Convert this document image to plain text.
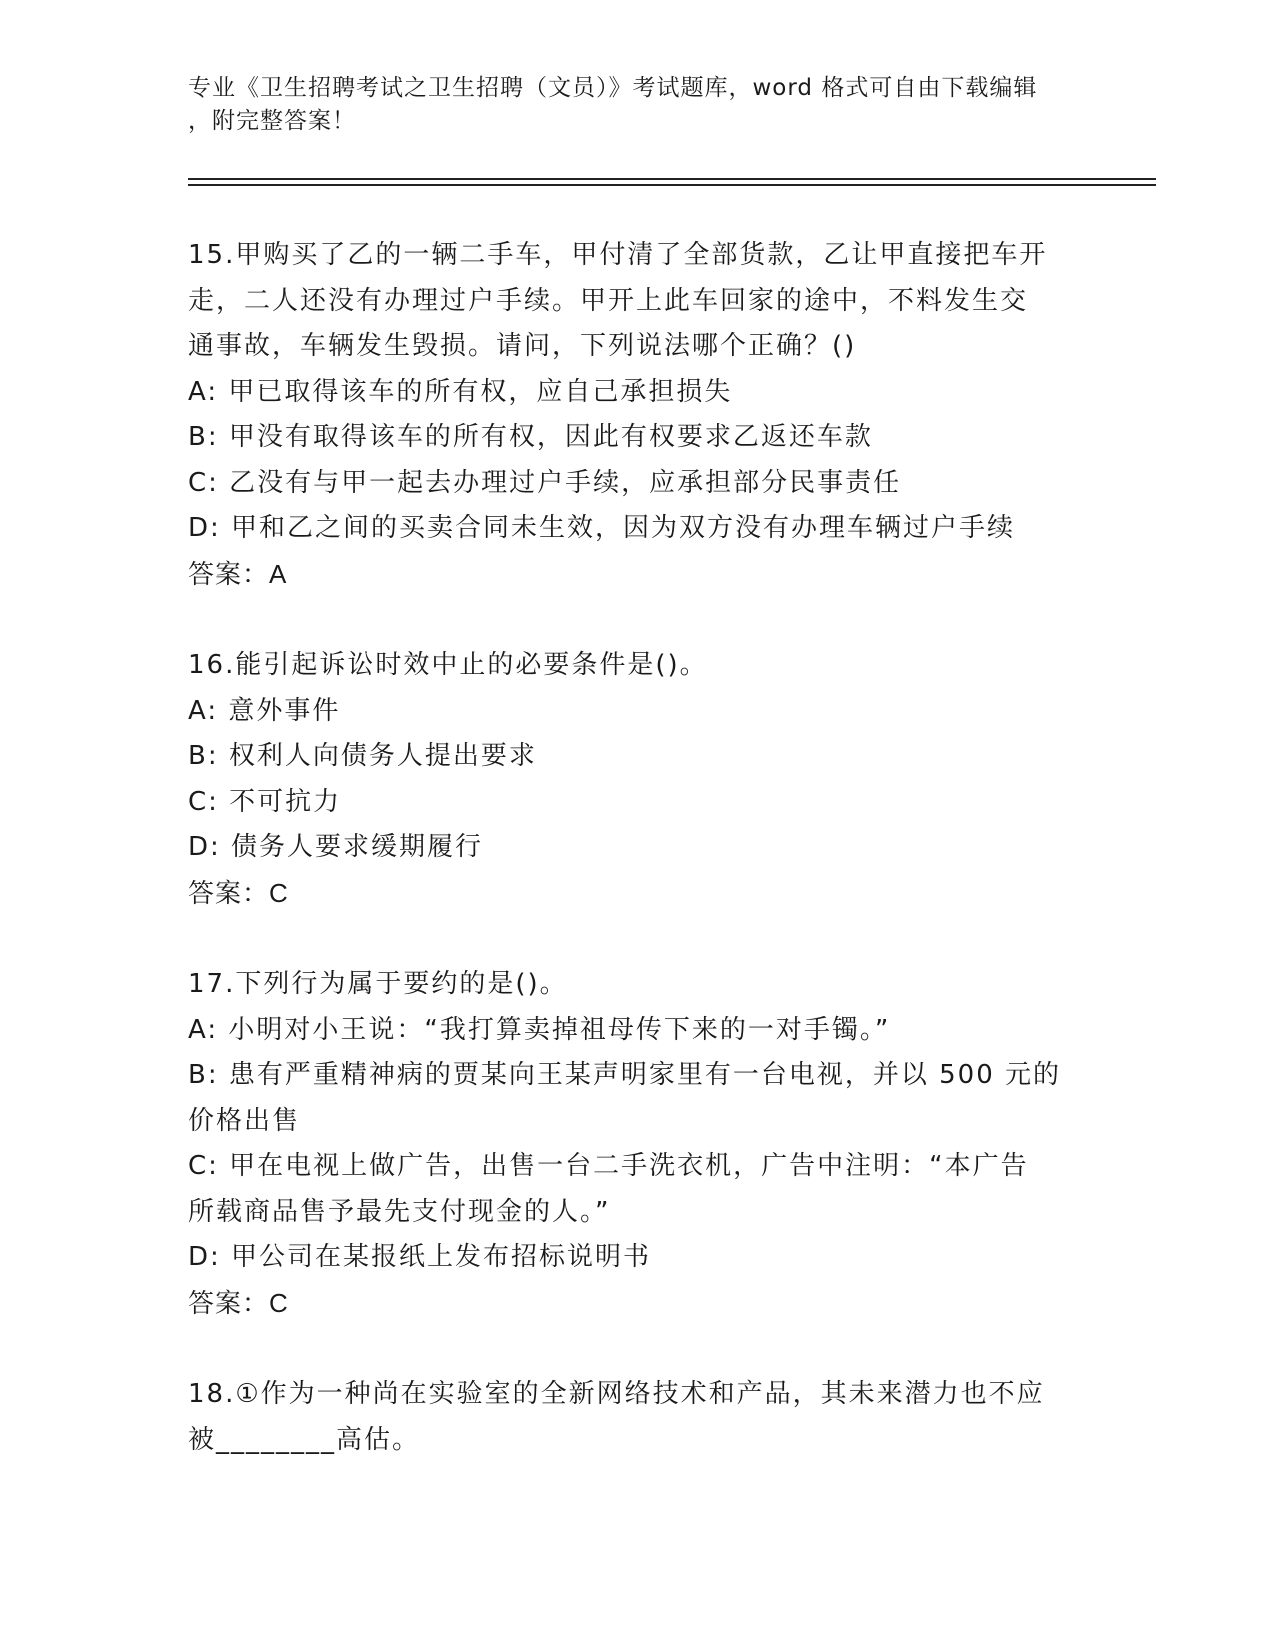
专业《卫生招聘考试之卫生招聘（文员）》考试题库，word 格式可自由下载编辑
，附完整答案！
15.甲购买了乙的一辆二手车，甲付清了全部货款，乙让甲直接把车开
走，二人还没有办理过户手续。甲开上此车回家的途中，不料发生交
通事故，车辆发生毁损。请问，下列说法哪个正确？()
A: 甲已取得该车的所有权，应自己承担损失
B: 甲没有取得该车的所有权，因此有权要求乙返还车款
C: 乙没有与甲一起去办理过户手续，应承担部分民事责任
D: 甲和乙之间的买卖合同未生效，因为双方没有办理车辆过户手续
答案：A
16.能引起诉讼时效中止的必要条件是()。
A: 意外事件
B: 权利人向债务人提出要求
C: 不可抗力
D: 债务人要求缓期履行
答案：C
17.下列行为属于要约的是()。
A: 小明对小王说：“我打算卖掉祖母传下来的一对手镯。”
B: 患有严重精神病的贾某向王某声明家里有一台电视，并以 500 元的
价格出售
C: 甲在电视上做广告，出售一台二手洗衣机，广告中注明：“本广告
所载商品售予最先支付现金的人。”
D: 甲公司在某报纸上发布招标说明书
答案：C
18.①作为一种尚在实验室的全新网络技术和产品，其未来潜力也不应
被________高估。
